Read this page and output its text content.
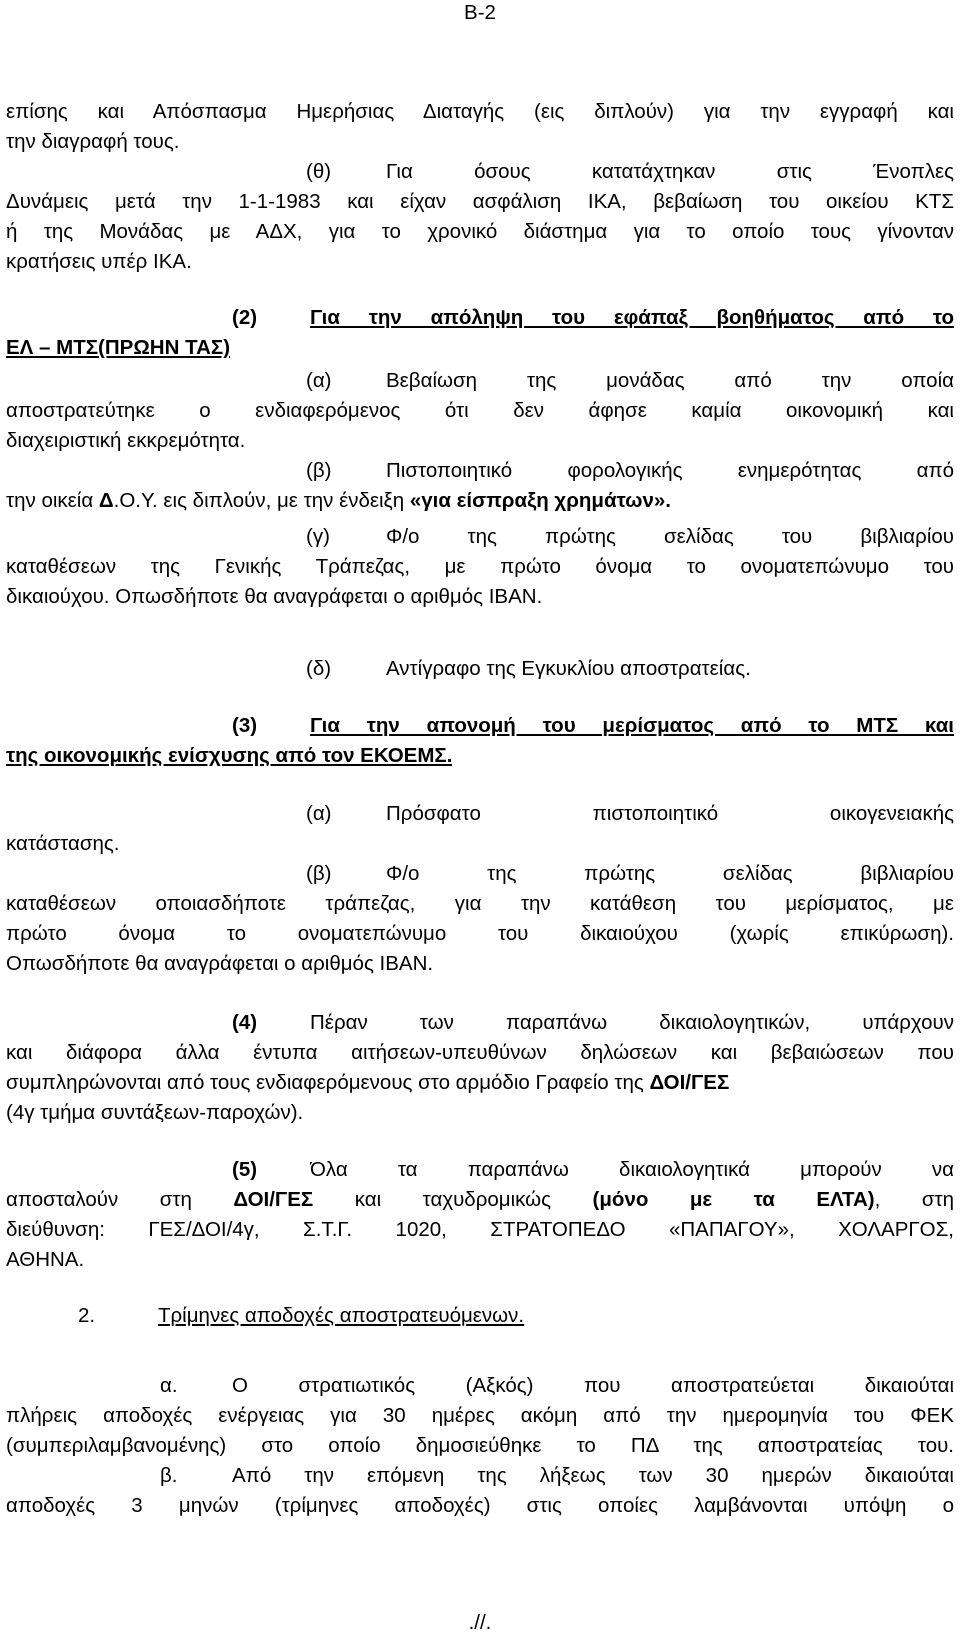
Β-2
επίσης και Απόσπασμα Ημερήσιας Διαταγής (εις διπλούν) για την εγγραφή και
την διαγραφή τους.
(θ)	Για όσους κατατάχτηκαν στις Ένοπλες
Δυνάμεις μετά την 1-1-1983 και είχαν ασφάλιση ΙΚΑ, βεβαίωση του οικείου ΚΤΣ
ή της Μονάδας με ΑΔΧ, για το χρονικό διάστημα για το οποίο τους γίνονταν
κρατήσεις υπέρ ΙΚΑ.
(2)	Για την απόληψη του εφάπαξ βοηθήματος από το
ΕΛ – ΜΤΣ(ΠΡΩΗΝ ΤΑΣ)
(α)	Βεβαίωση της μονάδας από την οποία
αποστρατεύτηκε ο ενδιαφερόμενος ότι δεν άφησε καμία οικονομική και
διαχειριστική εκκρεμότητα.
(β)	Πιστοποιητικό φορολογικής ενημερότητας από
την οικεία Δ.Ο.Υ. εις διπλούν, με την ένδειξη «για είσπραξη χρημάτων».
(γ)	Φ/ο της πρώτης σελίδας του βιβλιαρίου
καταθέσεων της Γενικής Τράπεζας, με πρώτο όνομα το ονοματεπώνυμο του
δικαιούχου. Οπωσδήποτε θα αναγράφεται ο αριθμός IBAN.
(δ)	Αντίγραφο της Εγκυκλίου αποστρατείας.
(3)	Για την απονομή του μερίσματος από το ΜΤΣ και
της οικονομικής ενίσχυσης από τον ΕΚΟΕΜΣ.
(α)	Πρόσφατο πιστοποιητικό οικογενειακής
κατάστασης.
(β)	Φ/ο της πρώτης σελίδας βιβλιαρίου
καταθέσεων οποιασδήποτε τράπεζας, για την κατάθεση του μερίσματος, με
πρώτο όνομα το ονοματεπώνυμο του δικαιούχου (χωρίς επικύρωση).
Οπωσδήποτε θα αναγράφεται ο αριθμός IBAN.
(4)	Πέραν των παραπάνω δικαιολογητικών, υπάρχουν
και διάφορα άλλα έντυπα αιτήσεων-υπευθύνων δηλώσεων και βεβαιώσεων που
συμπληρώνονται από τους ενδιαφερόμενους στο αρμόδιο Γραφείο της ΔΟΙ/ΓΕΣ
(4γ τμήμα συντάξεων-παροχών).
(5)	Όλα τα παραπάνω δικαιολογητικά μπορούν να
αποσταλούν στη ΔΟΙ/ΓΕΣ και ταχυδρομικώς (μόνο με τα ΕΛΤΑ), στη
διεύθυνση: ΓΕΣ/ΔΟΙ/4γ, Σ.Τ.Γ. 1020, ΣΤΡΑΤΟΠΕΔΟ «ΠΑΠΑΓΟΥ», ΧΟΛΑΡΓΟΣ,
ΑΘΗΝΑ.
2.	Τρίμηνες αποδοχές αποστρατευόμενων.
α.	Ο στρατιωτικός (Αξκός) που αποστρατεύεται δικαιούται
πλήρεις αποδοχές ενέργειας για 30 ημέρες ακόμη από την ημερομηνία του ΦΕΚ
(συμπεριλαμβανομένης) στο οποίο δημοσιεύθηκε το ΠΔ της αποστρατείας του.
β.	Από την επόμενη της λήξεως των 30 ημερών δικαιούται
αποδοχές 3 μηνών (τρίμηνες αποδοχές) στις οποίες λαμβάνονται υπόψη ο
.//.
